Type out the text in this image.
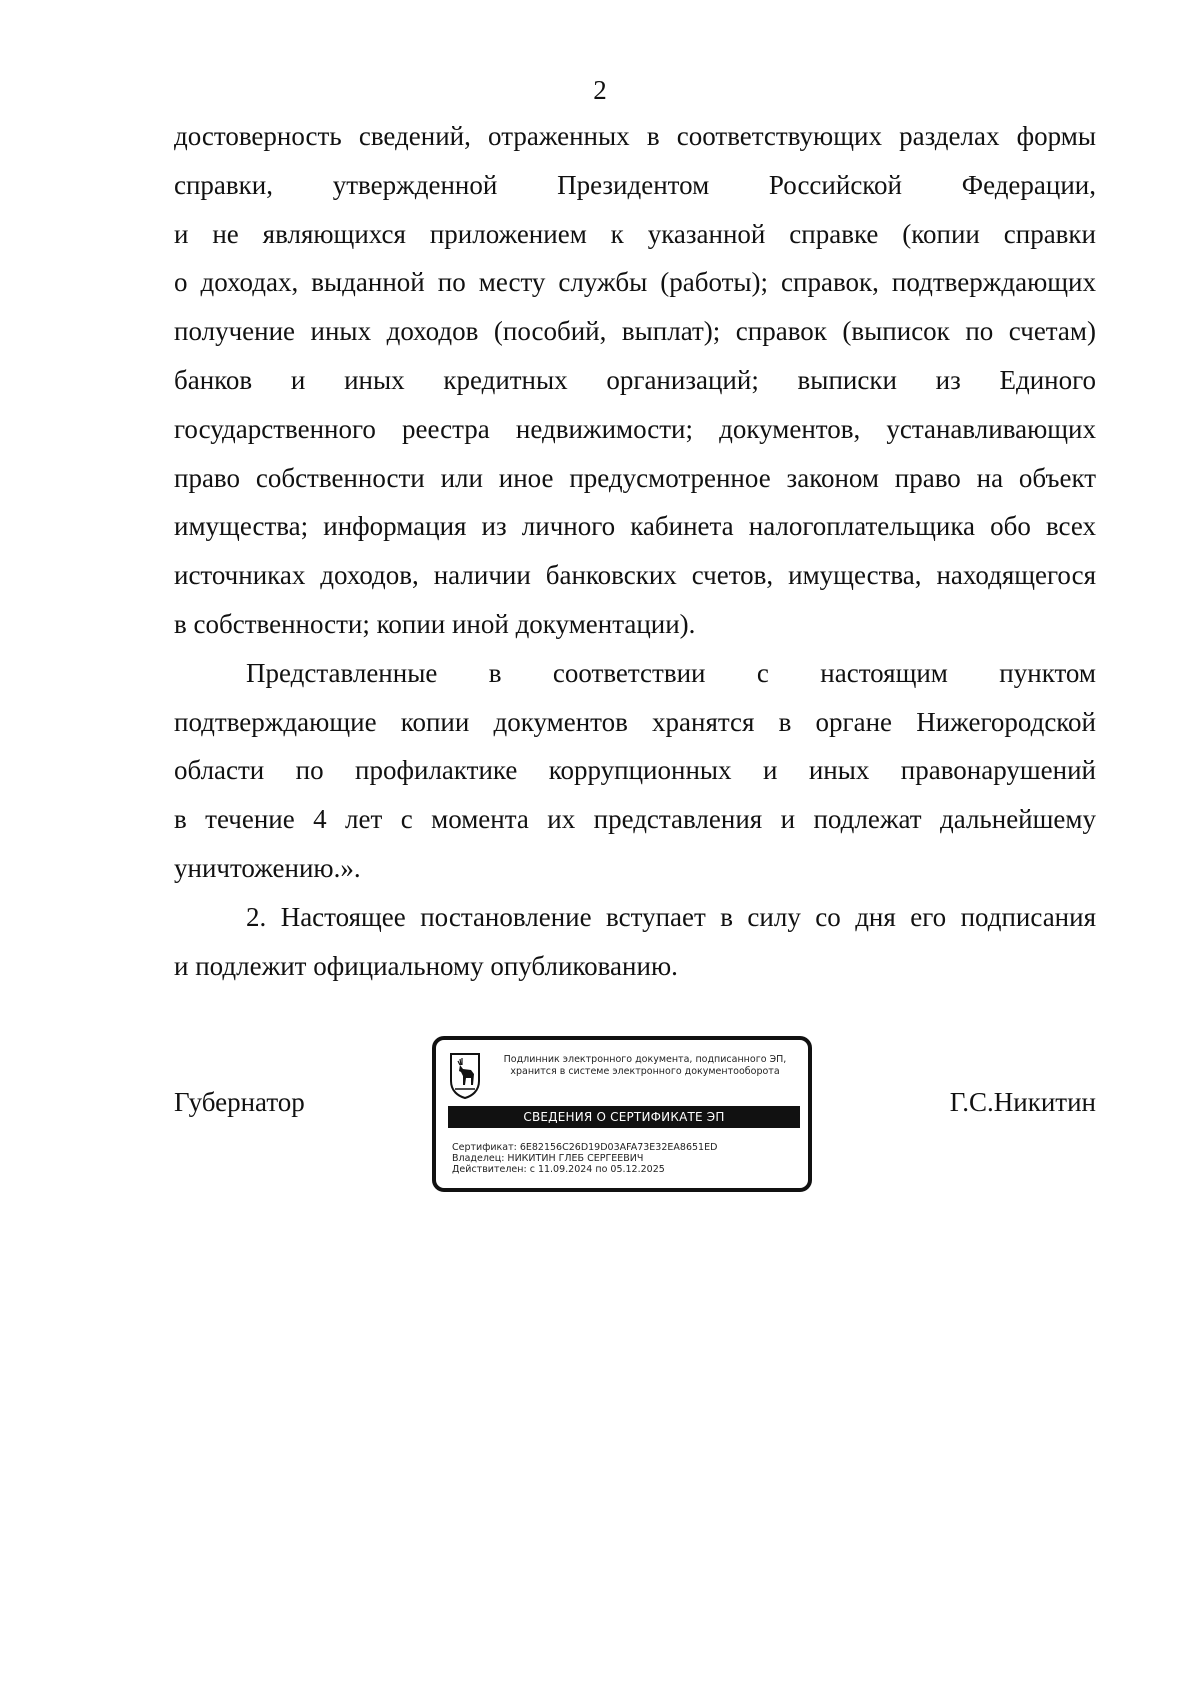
2
достоверность сведений, отраженных в соответствующих разделах формы
справки, утвержденной Президентом Российской Федерации,
и не являющихся приложением к указанной справке (копии справки
о доходах, выданной по месту службы (работы); справок, подтверждающих
получение иных доходов (пособий, выплат); справок (выписок по счетам)
банков и иных кредитных организаций; выписки из Единого
государственного реестра недвижимости; документов, устанавливающих
право собственности или иное предусмотренное законом право на объект
имущества; информация из личного кабинета налогоплательщика обо всех
источниках доходов, наличии банковских счетов, имущества, находящегося
в собственности; копии иной документации).
Представленные в соответствии с настоящим пунктом
подтверждающие копии документов хранятся в органе Нижегородской
области по профилактике коррупционных и иных правонарушений
в течение 4 лет с момента их представления и подлежат дальнейшему
уничтожению.».
2. Настоящее постановление вступает в силу со дня его подписания
и подлежит официальному опубликованию.
Губернатор	Г.С.Никитин
Подлинник электронного документа, подписанного ЭП,
хранится в системе электронного документооборота
СВЕДЕНИЯ О СЕРТИФИКАТЕ ЭП
Сертификат: 6E82156C26D19D03AFA73E32EA8651ED
Владелец: НИКИТИН ГЛЕБ СЕРГЕЕВИЧ
Действителен: с 11.09.2024 по 05.12.2025
